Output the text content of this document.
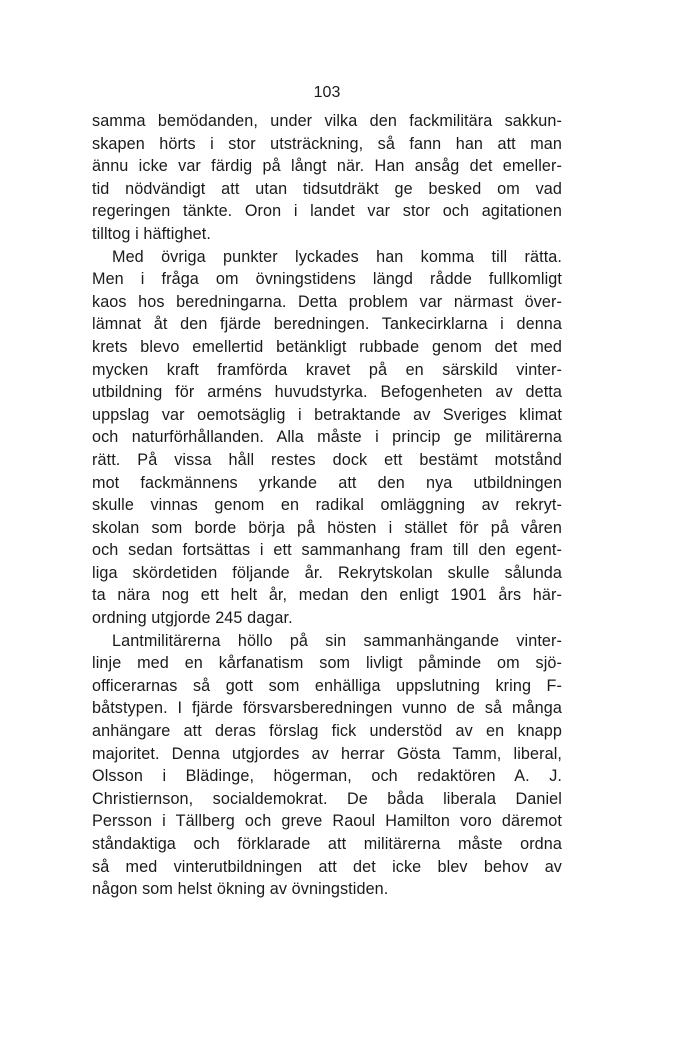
103
samma bemödanden, under vilka den fackmilitära sakkun-
skapen hörts i stor utsträckning, så fann han att man
ännu icke var färdig på långt när. Han ansåg det emeller-
tid nödvändigt att utan tidsutdräkt ge besked om vad
regeringen tänkte. Oron i landet var stor och agitationen
tilltog i häftighet.
Med övriga punkter lyckades han komma till rätta.
Men i fråga om övningstidens längd rådde fullkomligt
kaos hos beredningarna. Detta problem var närmast över-
lämnat åt den fjärde beredningen. Tankecirklarna i denna
krets blevo emellertid betänkligt rubbade genom det med
mycken kraft framförda kravet på en särskild vinter-
utbildning för arméns huvudstyrka. Befogenheten av detta
uppslag var oemotsäglig i betraktande av Sveriges klimat
och naturförhållanden. Alla måste i princip ge militärerna
rätt. På vissa håll restes dock ett bestämt motstånd
mot fackmännens yrkande att den nya utbildningen
skulle vinnas genom en radikal omläggning av rekryt-
skolan som borde börja på hösten i stället för på våren
och sedan fortsättas i ett sammanhang fram till den egent-
liga skördetiden följande år. Rekrytskolan skulle sålunda
ta nära nog ett helt år, medan den enligt 1901 års här-
ordning utgjorde 245 dagar.
Lantmilitärerna höllo på sin sammanhängande vinter-
linje med en kårfanatism som livligt påminde om sjö-
officerarnas så gott som enhälliga uppslutning kring F-
båtstypen. I fjärde försvarsberedningen vunno de så många
anhängare att deras förslag fick understöd av en knapp
majoritet. Denna utgjordes av herrar Gösta Tamm, liberal,
Olsson i Blädinge, högerman, och redaktören A. J.
Christiernson, socialdemokrat. De båda liberala Daniel
Persson i Tällberg och greve Raoul Hamilton voro däremot
ståndaktiga och förklarade att militärerna måste ordna
så med vinterutbildningen att det icke blev behov av
någon som helst ökning av övningstiden.
